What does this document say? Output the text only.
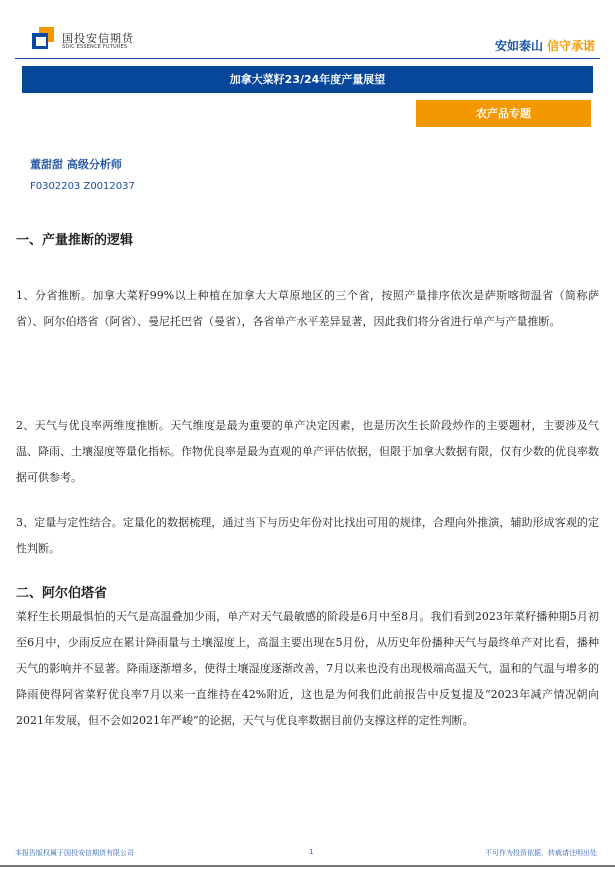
国投安信期货
SDIC ESSENCE FUTURES	安如泰山 信守承诺
加拿大菜籽23/24年度产量展望
农产品专题
董甜甜 高级分析师
F0302203 Z0012037
一、产量推断的逻辑
1、分省推断。加拿大菜籽99%以上种植在加拿大大草原地区的三个省，按照产量排序依次是萨斯喀彻温省（简称萨省）、阿尔伯塔省（阿省）、曼尼托巴省（曼省），各省单产水平差异显著，因此我们将分省进行单产与产量推断。
2、天气与优良率两维度推断。天气维度是最为重要的单产决定因素，也是历次生长阶段炒作的主要题材，主要涉及气温、降雨、土壤湿度等量化指标。作物优良率是最为直观的单产评估依据，但限于加拿大数据有限，仅有少数的优良率数据可供参考。
3、定量与定性结合。定量化的数据梳理，通过当下与历史年份对比找出可用的规律，合理向外推演，辅助形成客观的定性判断。
二、阿尔伯塔省
菜籽生长期最惧怕的天气是高温叠加少雨，单产对天气最敏感的阶段是6月中至8月。我们看到2023年菜籽播种期5月初至6月中，少雨反应在累计降雨量与土壤湿度上，高温主要出现在5月份，从历史年份播种天气与最终单产对比看，播种天气的影响并不显著。降雨逐渐增多，使得土壤湿度逐渐改善，7月以来也没有出现极端高温天气，温和的气温与增多的降雨使得阿省菜籽优良率7月以来一直维持在42%附近，这也是为何我们此前报告中反复提及“2023年减产情况朝向2021年发展，但不会如2021年严峻”的论据，天气与优良率数据目前仍支撑这样的定性判断。
本报告版权属于国投安信期货有限公司	1	不可作为投资依据，转载请注明出处
